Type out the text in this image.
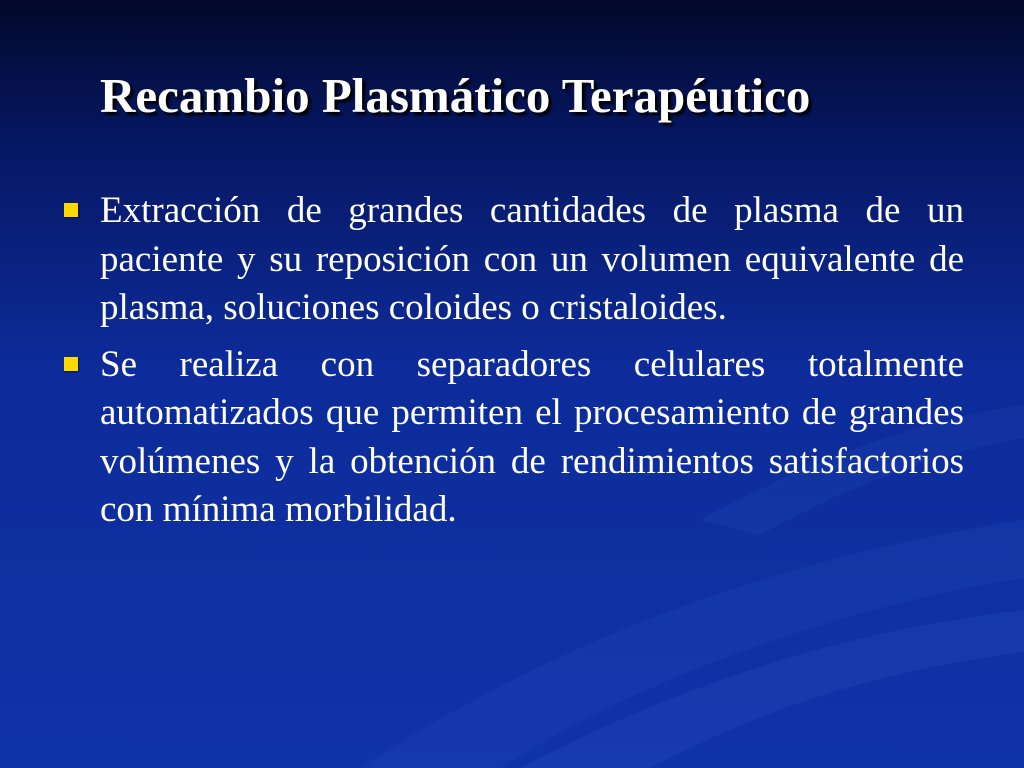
Recambio Plasmático Terapéutico
Extracción de grandes cantidades de plasma de un paciente y su reposición con un volumen equivalente de plasma, soluciones coloides o cristaloides.
Se realiza con separadores celulares totalmente automatizados que permiten el procesamiento de grandes volúmenes y la obtención de rendimientos satisfactorios con mínima morbilidad.
